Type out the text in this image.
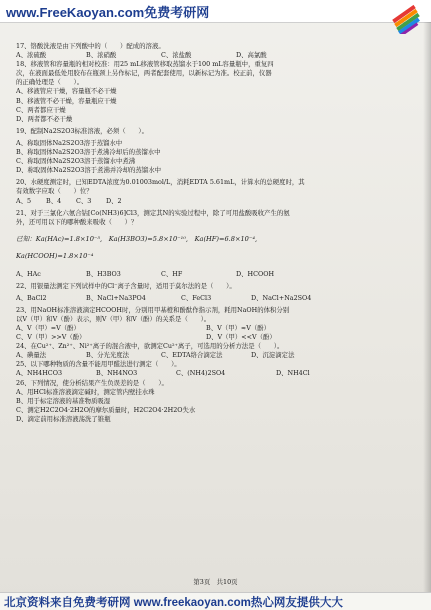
www.FreeKaoyan.com免费考研网
17、铬酸洗液是由下列酸中的（　　）配成的溶液。
A、浓硫酸	B、浓硝酸	C、浓盐酸	D、高氯酸
18、移液管和容量瓶的相对校准：用25 mL移液管移取蒸馏水于100 mL容量瓶中，重复四
次，在液面最低处用胶布在瓶颈上另作标记，两者配套使用，以新标记为准。校正前，仪器
的正确处理是（　　）。
A、移液管应干燥，容量瓶不必干燥
B、移液管不必干燥，容量瓶应干燥
C、两者都应干燥
D、两者都不必干燥
19、配制Na2S2O3标准溶液，必须（　　）。
A、称取固体Na2S2O3溶于蒸馏水中
B、称取固体Na2S2O3溶于煮沸冷却后的蒸馏水中
C、称取固体Na2S2O3溶于蒸馏水中煮沸
D、称取固体Na2S2O3溶于煮沸并冷却的蒸馏水中
20、水硬度测定时，已知EDTA浓度为0.01003mol/L，消耗EDTA 5.61mL，计算水的总硬度时，其
有效数字应取（　　）位？
A、5	B、4	C、3	D、2
21、对于三氯化六氨合钴[Co(NH3)6]Cl3，测定其N的实验过程中，除了可用盐酸吸收产生的氨
外，还可用以下的哪种酸来吸收（　　）？
已知：Ka(HAc)=1.8×10⁻⁵,　Ka(H3BO3)=5.8×10⁻¹⁰,　Ka(HF)=6.8×10⁻⁴,
Ka(HCOOH)=1.8×10⁻⁴
A、HAc	B、H3BO3	C、HF	D、HCOOH
22、用银量法测定下列试样中的Cl⁻离子含量时，适用于莫尔法的是（　　）。
A、BaCl2	B、NaCl+Na3PO4	C、FeCl3	D、NaCl+Na2SO4
23、用NaOH标准溶液滴定HCOOH时，分别用甲基橙和酚酞作指示剂，耗用NaOH的体积分别
以V（甲）和V（酚）表示，则V（甲）和V（酚）的关系是（　　）。
A、V（甲）=V（酚）	B、V（甲）≈V（酚）
C、V（甲）>>V（酚）	D、V（甲）<<V（酚）
24、在Cu²⁺、Zn²⁺、Ni²⁺离子的混合液中，欲测定Cu²⁺离子，可选用的分析方法是（　　）。
A、碘量法	B、分光光度法	C、EDTA络合滴定法	D、沉淀滴定法
25、以下哪种物质的含量不能用甲醛法进行测定（　　）。
A、NH4HCO3	B、NH4NO3	C、(NH4)2SO4	D、NH4Cl
26、下列情况，使分析结果产生负误差的是（　　）。
A、用HCl标准溶液滴定碱时，测定管内壁挂水珠
B、用于标定溶液的基准物质吸湿
C、测定H2C2O4·2H2O的摩尔质量时，H2C2O4·2H2O失水
D、滴定前用标准溶液荡洗了锥瓶
第3页　共10页
北京资料来自免费考研网 www.freekaoyan.com热心网友提供大大
